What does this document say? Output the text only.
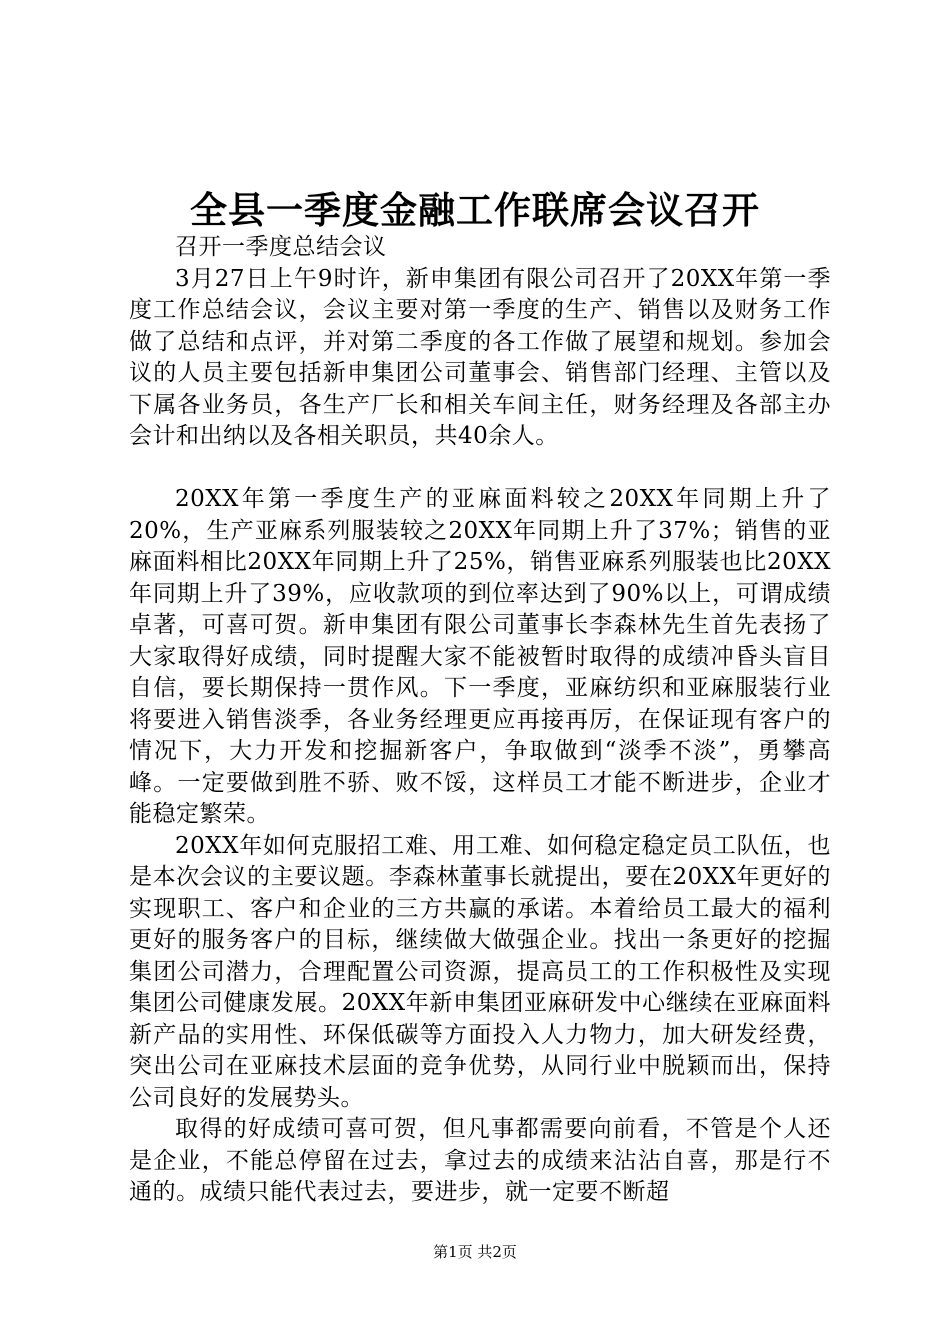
全县一季度金融工作联席会议召开

召开一季度总结会议

3月27日上午9时许，新申集团有限公司召开了20XX年第一季度工作总结会议，会议主要对第一季度的生产、销售以及财务工作做了总结和点评，并对第二季度的各工作做了展望和规划。参加会议的人员主要包括新申集团公司董事会、销售部门经理、主管以及下属各业务员，各生产厂长和相关车间主任，财务经理及各部主办会计和出纳以及各相关职员，共40余人。

20XX年第一季度生产的亚麻面料较之20XX年同期上升了20%，生产亚麻系列服装较之20XX年同期上升了37%；销售的亚麻面料相比20XX年同期上升了25%，销售亚麻系列服装也比20XX年同期上升了39%，应收款项的到位率达到了90%以上，可谓成绩卓著，可喜可贺。新申集团有限公司董事长李森林先生首先表扬了大家取得好成绩，同时提醒大家不能被暂时取得的成绩冲昏头盲目自信，要长期保持一贯作风。下一季度，亚麻纺织和亚麻服装行业将要进入销售淡季，各业务经理更应再接再厉，在保证现有客户的情况下，大力开发和挖掘新客户，争取做到“淡季不淡”，勇攀高峰。一定要做到胜不骄、败不馁，这样员工才能不断进步，企业才能稳定繁荣。

20XX年如何克服招工难、用工难、如何稳定稳定员工队伍，也是本次会议的主要议题。李森林董事长就提出，要在20XX年更好的实现职工、客户和企业的三方共赢的承诺。本着给员工最大的福利更好的服务客户的目标，继续做大做强企业。找出一条更好的挖掘集团公司潜力，合理配置公司资源，提高员工的工作积极性及实现集团公司健康发展。20XX年新申集团亚麻研发中心继续在亚麻面料新产品的实用性、环保低碳等方面投入人力物力，加大研发经费，突出公司在亚麻技术层面的竞争优势，从同行业中脱颖而出，保持公司良好的发展势头。

取得的好成绩可喜可贺，但凡事都需要向前看，不管是个人还是企业，不能总停留在过去，拿过去的成绩来沾沾自喜，那是行不通的。成绩只能代表过去，要进步，就一定要不断超

第1页 共2页
